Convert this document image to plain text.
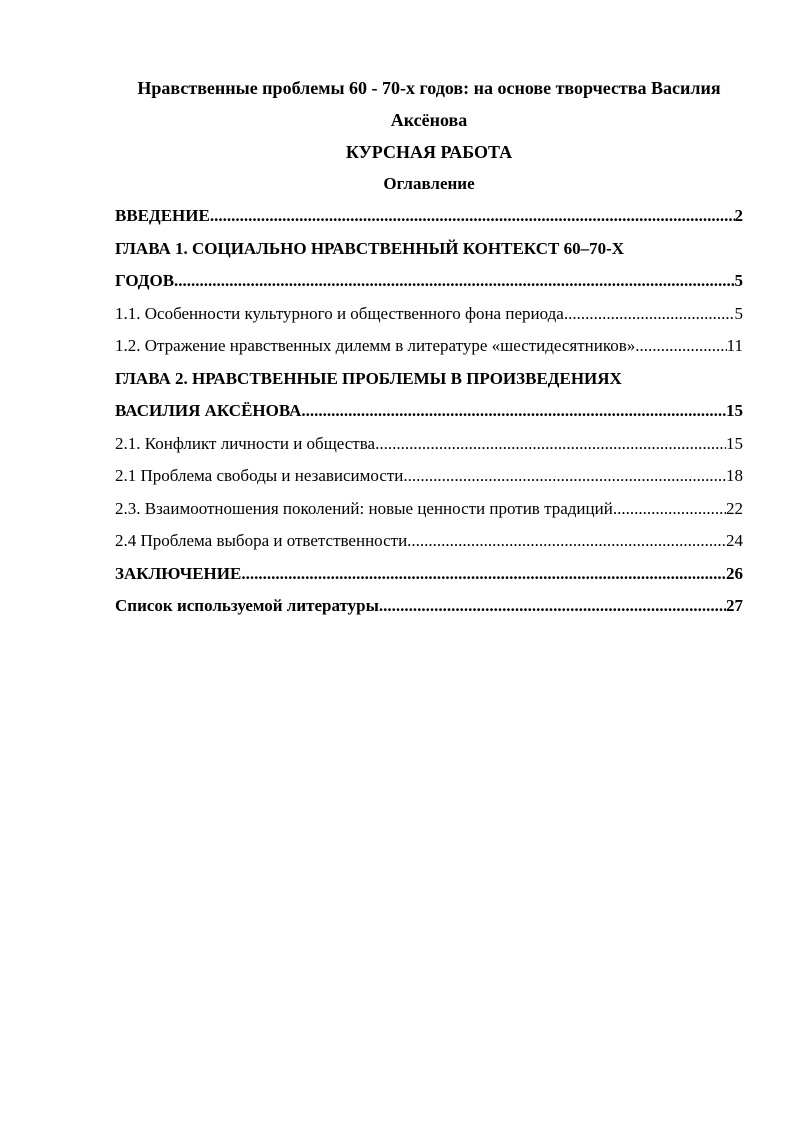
Нравственные проблемы 60 - 70-х годов: на основе творчества Василия

Аксёнова

КУРСНАЯ РАБОТА

Оглавление

ВВЕДЕНИЕ .....	2
ГЛАВА 1. СОЦИАЛЬНО НРАВСТВЕННЫЙ КОНТЕКСТ 60–70-Х
ГОДОВ .....	5
1.1. Особенности культурного и общественного фона периода .....	5
1.2. Отражение нравственных дилемм в литературе «шестидесятников» .....	11
ГЛАВА 2. НРАВСТВЕННЫЕ ПРОБЛЕМЫ В ПРОИЗВЕДЕНИЯХ
ВАСИЛИЯ АКСЁНОВА .....	15
2.1. Конфликт личности и общества .....	15
2.1 Проблема свободы и независимости .....	18
2.3. Взаимоотношения поколений: новые ценности против традиций .....	22
2.4 Проблема выбора и ответственности .....	24
ЗАКЛЮЧЕНИЕ .....	26
Список используемой литературы .....	27
